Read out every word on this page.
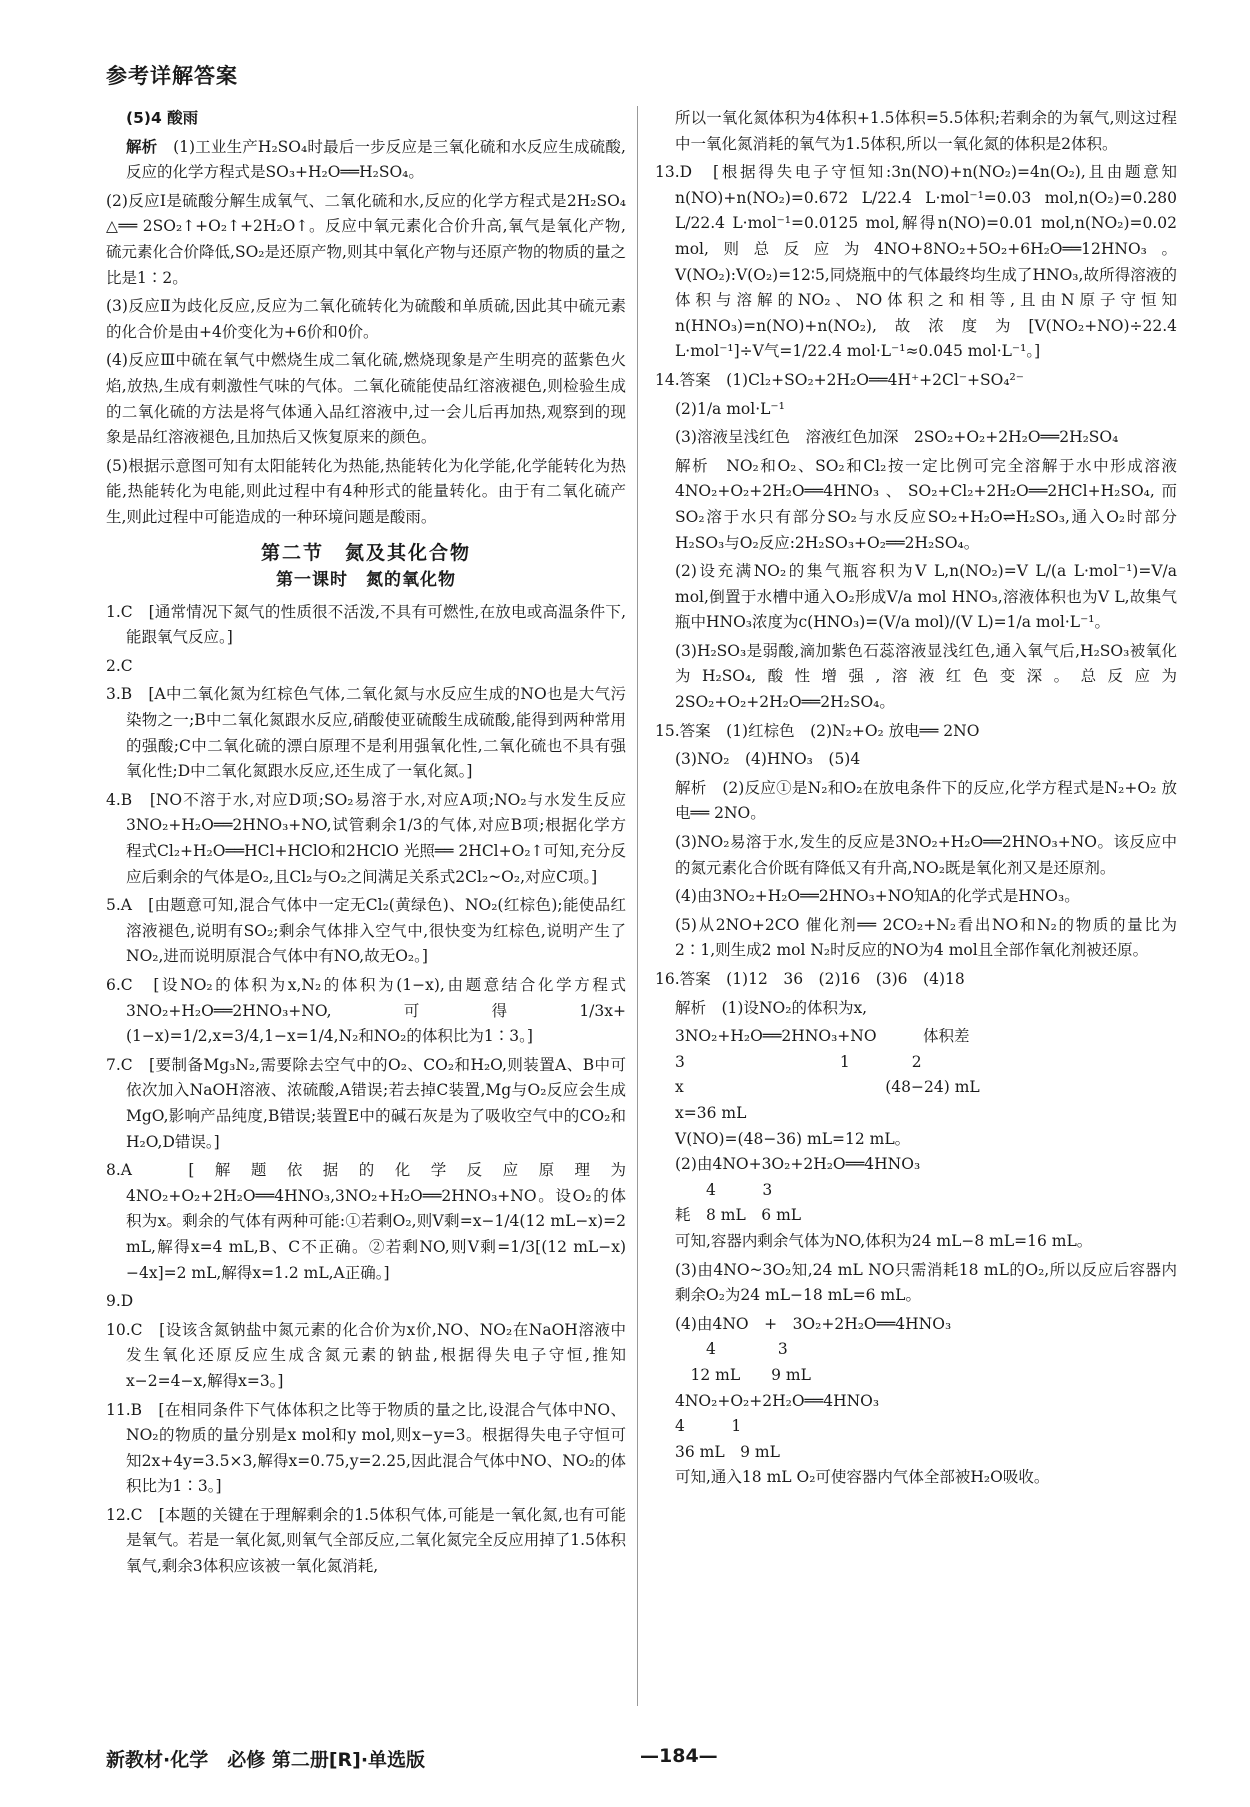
参考详解答案

(5)4 酸雨

解析　 (1)工业生产H₂SO₄时最后一步反应是三氧化硫和水反应生成硫酸,反应的化学方程式是SO₃+H₂O══H₂SO₄。

(2)反应Ⅰ是硫酸分解生成氧气、二氧化硫和水,反应的化学方程式是2H₂SO₄ △══ 2SO₂↑+O₂↑+2H₂O↑。反应中氧元素化合价升高,氧气是氧化产物,硫元素化合价降低,SO₂是还原产物,则其中氧化产物与还原产物的物质的量之比是1∶2。

(3)反应Ⅱ为歧化反应,反应为二氧化硫转化为硫酸和单质硫,因此其中硫元素的化合价是由+4价变化为+6价和0价。

(4)反应Ⅲ中硫在氧气中燃烧生成二氧化硫,燃烧现象是产生明亮的蓝紫色火焰,放热,生成有刺激性气味的气体。二氧化硫能使品红溶液褪色,则检验生成的二氧化硫的方法是将气体通入品红溶液中,过一会儿后再加热,观察到的现象是品红溶液褪色,且加热后又恢复原来的颜色。

(5)根据示意图可知有太阳能转化为热能,热能转化为化学能,化学能转化为热能,热能转化为电能,则此过程中有4种形式的能量转化。由于有二氧化硫产生,则此过程中可能造成的一种环境问题是酸雨。

第二节　氮及其化合物
第一课时　氮的氧化物

1.C　[通常情况下氮气的性质很不活泼,不具有可燃性,在放电或高温条件下,能跟氧气反应。]

2.C

3.B　[A中二氧化氮为红棕色气体,二氧化氮与水反应生成的NO也是大气污染物之一;B中二氧化氮跟水反应,硝酸使亚硫酸生成硫酸,能得到两种常用的强酸;C中二氧化硫的漂白原理不是利用强氧化性,二氧化硫也不具有强氧化性;D中二氧化氮跟水反应,还生成了一氧化氮。]

4.B　[NO不溶于水,对应D项;SO₂易溶于水,对应A项;NO₂与水发生反应3NO₂+H₂O══2HNO₃+NO,试管剩余1/3的气体,对应B项;根据化学方程式Cl₂+H₂O══HCl+HClO和2HClO 光照══ 2HCl+O₂↑可知,充分反应后剩余的气体是O₂,且Cl₂与O₂之间满足关系式2Cl₂~O₂,对应C项。]

5.A　[由题意可知,混合气体中一定无Cl₂(黄绿色)、NO₂(红棕色);能使品红溶液褪色,说明有SO₂;剩余气体排入空气中,很快变为红棕色,说明产生了NO₂,进而说明原混合气体中有NO,故无O₂。]

6.C　[设NO₂的体积为x,N₂的体积为(1−x),由题意结合化学方程式3NO₂+H₂O══2HNO₃+NO,可得1/3x+(1−x)=1/2,x=3/4,1−x=1/4,N₂和NO₂的体积比为1∶3。]

7.C　[要制备Mg₃N₂,需要除去空气中的O₂、CO₂和H₂O,则装置A、B中可依次加入NaOH溶液、浓硫酸,A错误;若去掉C装置,Mg与O₂反应会生成MgO,影响产品纯度,B错误;装置E中的碱石灰是为了吸收空气中的CO₂和H₂O,D错误。]

8.A　[解题依据的化学反应原理为4NO₂+O₂+2H₂O══4HNO₃,3NO₂+H₂O══2HNO₃+NO。设O₂的体积为x。剩余的气体有两种可能:①若剩O₂,则V剩=x−1/4(12 mL−x)=2 mL,解得x=4 mL,B、C不正确。②若剩NO,则V剩=1/3[(12 mL−x)−4x]=2 mL,解得x=1.2 mL,A正确。]

9.D

10.C　[设该含氮钠盐中氮元素的化合价为x价,NO、NO₂在NaOH溶液中发生氧化还原反应生成含氮元素的钠盐,根据得失电子守恒,推知x−2=4−x,解得x=3。]

11.B　[在相同条件下气体体积之比等于物质的量之比,设混合气体中NO、NO₂的物质的量分别是x mol和y mol,则x−y=3。根据得失电子守恒可知2x+4y=3.5×3,解得x=0.75,y=2.25,因此混合气体中NO、NO₂的体积比为1∶3。]

12.C　[本题的关键在于理解剩余的1.5体积气体,可能是一氧化氮,也有可能是氧气。若是一氧化氮,则氧气全部反应,二氧化氮完全反应用掉了1.5体积氧气,剩余3体积应该被一氧化氮消耗,

所以一氧化氮体积为4体积+1.5体积=5.5体积;若剩余的为氧气,则这过程中一氧化氮消耗的氧气为1.5体积,所以一氧化氮的体积是2体积。

13.D　[根据得失电子守恒知:3n(NO)+n(NO₂)=4n(O₂),且由题意知n(NO)+n(NO₂)=0.672 L/22.4 L·mol⁻¹=0.03 mol,n(O₂)=0.280 L/22.4 L·mol⁻¹=0.0125 mol,解得n(NO)=0.01 mol,n(NO₂)=0.02 mol,则总反应为4NO+8NO₂+5O₂+6H₂O══12HNO₃。V(NO₂):V(O₂)=12∶5,同烧瓶中的气体最终均生成了HNO₃,故所得溶液的体积与溶解的NO₂、NO体积之和相等,且由N原子守恒知n(HNO₃)=n(NO)+n(NO₂),故浓度为[V(NO₂+NO)÷22.4 L·mol⁻¹]÷V气=1/22.4 mol·L⁻¹≈0.045 mol·L⁻¹。]

14.答案　(1)Cl₂+SO₂+2H₂O══4H⁺+2Cl⁻+SO₄²⁻

(2)1/a mol·L⁻¹

(3)溶液呈浅红色　溶液红色加深　2SO₂+O₂+2H₂O══2H₂SO₄

解析　NO₂和O₂、SO₂和Cl₂按一定比例可完全溶解于水中形成溶液4NO₂+O₂+2H₂O══4HNO₃、SO₂+Cl₂+2H₂O══2HCl+H₂SO₄,而SO₂溶于水只有部分SO₂与水反应SO₂+H₂O⇌H₂SO₃,通入O₂时部分H₂SO₃与O₂反应:2H₂SO₃+O₂══2H₂SO₄。

(2)设充满NO₂的集气瓶容积为V L,n(NO₂)=V L/(a L·mol⁻¹)=V/a mol,倒置于水槽中通入O₂形成V/a mol HNO₃,溶液体积也为V L,故集气瓶中HNO₃浓度为c(HNO₃)=(V/a mol)/(V L)=1/a mol·L⁻¹。

(3)H₂SO₃是弱酸,滴加紫色石蕊溶液显浅红色,通入氧气后,H₂SO₃被氧化为H₂SO₄,酸性增强,溶液红色变深。总反应为2SO₂+O₂+2H₂O══2H₂SO₄。

15.答案　(1)红棕色　(2)N₂+O₂ 放电══ 2NO

(3)NO₂　(4)HNO₃　(5)4

解析　(2)反应①是N₂和O₂在放电条件下的反应,化学方程式是N₂+O₂ 放电══ 2NO。

(3)NO₂易溶于水,发生的反应是3NO₂+H₂O══2HNO₃+NO。该反应中的氮元素化合价既有降低又有升高,NO₂既是氧化剂又是还原剂。

(4)由3NO₂+H₂O══2HNO₃+NO知A的化学式是HNO₃。

(5)从2NO+2CO 催化剂══ 2CO₂+N₂看出NO和N₂的物质的量比为2∶1,则生成2 mol N₂时反应的NO为4 mol且全部作氧化剂被还原。

16.答案　(1)12　36　(2)16　(3)6　(4)18

解析　(1)设NO₂的体积为x,

3NO₂+H₂O══2HNO₃+NO　　　体积差
3　　　　　　　　　　1　　　　2
x　　　　　　　　　　　　　(48−24) mL
x=36 mL
V(NO)=(48−36) mL=12 mL。
(2)由4NO+3O₂+2H₂O══4HNO₃
　　4　　　3
耗　8 mL　6 mL

可知,容器内剩余气体为NO,体积为24 mL−8 mL=16 mL。

(3)由4NO~3O₂知,24 mL NO只需消耗18 mL的O₂,所以反应后容器内剩余O₂为24 mL−18 mL=6 mL。

(4)由4NO　+　3O₂+2H₂O══4HNO₃
　　4　　　　3
　12 mL　　9 mL
4NO₂+O₂+2H₂O══4HNO₃
4　　　1
36 mL　9 mL

可知,通入18 mL O₂可使容器内气体全部被H₂O吸收。

新教材·化学　必修 第二册[R]·单选版	—184—
